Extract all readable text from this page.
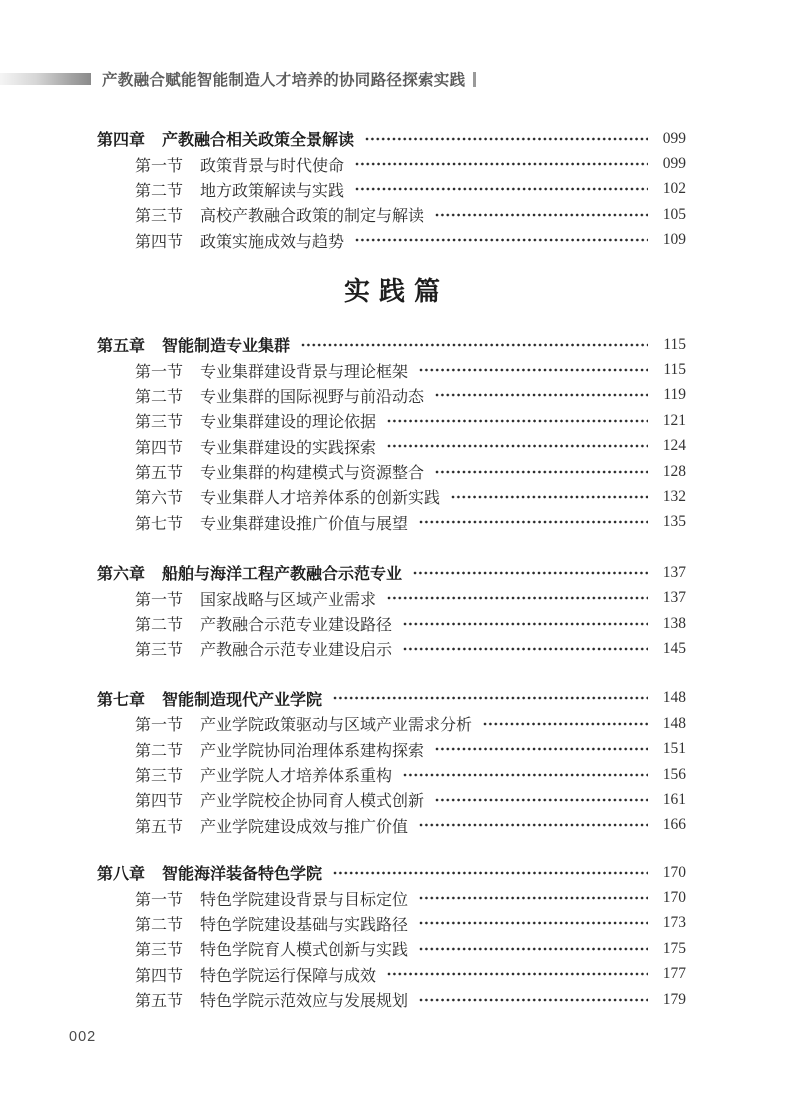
产教融合赋能智能制造人才培养的协同路径探索实践
第四章 产教融合相关政策全景解读	099
第一节 政策背景与时代使命	099
第二节 地方政策解读与实践	102
第三节 高校产教融合政策的制定与解读	105
第四节 政策实施成效与趋势	109
实践篇
第五章 智能制造专业集群	115
第一节 专业集群建设背景与理论框架	115
第二节 专业集群的国际视野与前沿动态	119
第三节 专业集群建设的理论依据	121
第四节 专业集群建设的实践探索	124
第五节 专业集群的构建模式与资源整合	128
第六节 专业集群人才培养体系的创新实践	132
第七节 专业集群建设推广价值与展望	135
第六章 船舶与海洋工程产教融合示范专业	137
第一节 国家战略与区域产业需求	137
第二节 产教融合示范专业建设路径	138
第三节 产教融合示范专业建设启示	145
第七章 智能制造现代产业学院	148
第一节 产业学院政策驱动与区域产业需求分析	148
第二节 产业学院协同治理体系建构探索	151
第三节 产业学院人才培养体系重构	156
第四节 产业学院校企协同育人模式创新	161
第五节 产业学院建设成效与推广价值	166
第八章 智能海洋装备特色学院	170
第一节 特色学院建设背景与目标定位	170
第二节 特色学院建设基础与实践路径	173
第三节 特色学院育人模式创新与实践	175
第四节 特色学院运行保障与成效	177
第五节 特色学院示范效应与发展规划	179
002
